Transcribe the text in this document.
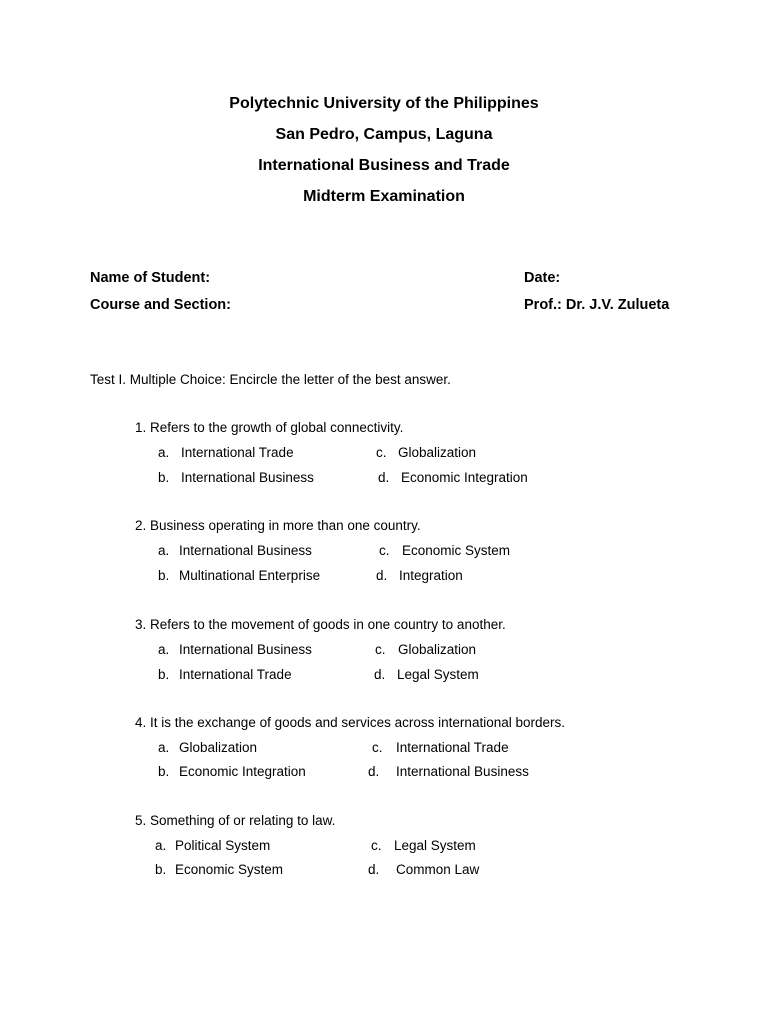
Polytechnic University of the Philippines
San Pedro, Campus, Laguna
International Business and Trade
Midterm Examination
Name of Student:	Date:
Course and Section:	Prof.: Dr. J.V. Zulueta
Test I. Multiple Choice: Encircle the letter of the best answer.
1. Refers to the growth of global connectivity.
a. International Trade	c. Globalization
b. International Business	d. Economic Integration
2. Business operating in more than one country.
a. International Business	c. Economic System
b. Multinational Enterprise	d. Integration
3. Refers to the movement of goods in one country to another.
a. International Business	c. Globalization
b. International Trade	d. Legal System
4. It is the exchange of goods and services across international borders.
a. Globalization	c. International Trade
b. Economic Integration	d. International Business
5. Something of or relating to law.
a. Political System	c. Legal System
b. Economic System	d. Common Law
